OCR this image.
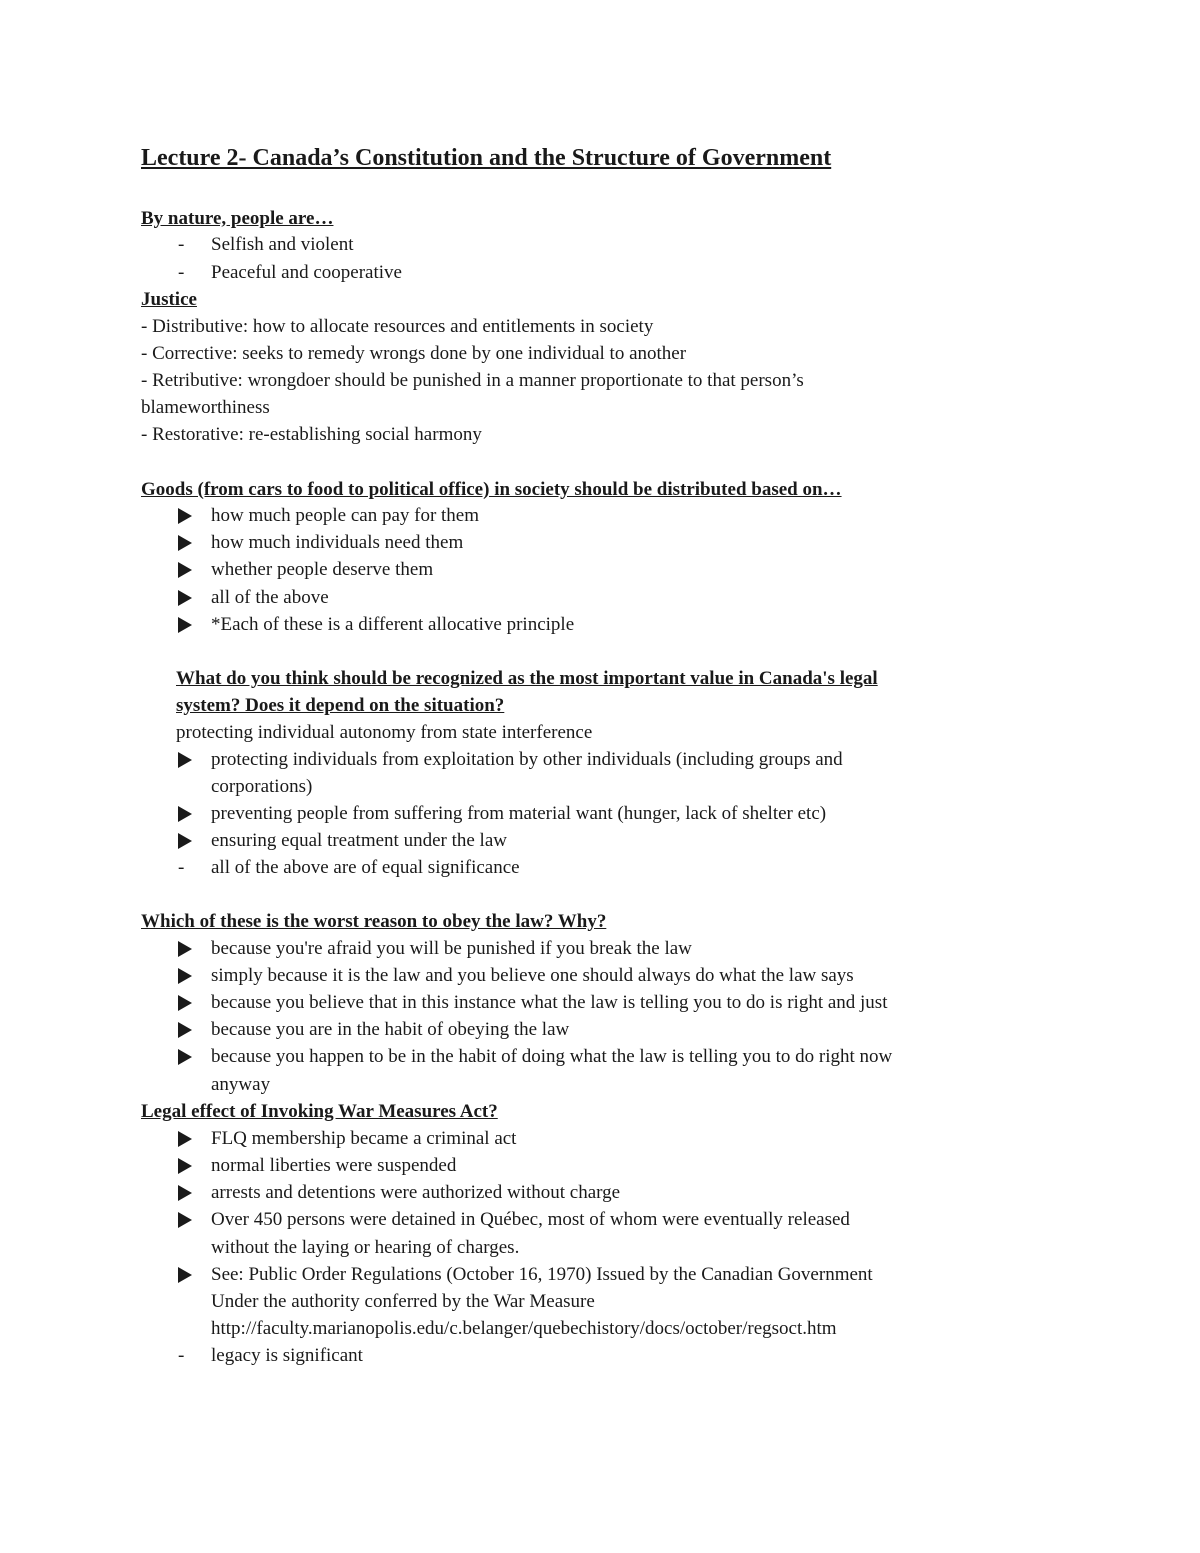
Lecture 2- Canada’s Constitution and the Structure of Government
By nature, people are…
- Selfish and violent
- Peaceful and cooperative
Justice
- Distributive: how to allocate resources and entitlements in society
- Corrective: seeks to remedy wrongs done by one individual to another
- Retributive: wrongdoer should be punished in a manner proportionate to that person’s
blameworthiness
- Restorative: re-establishing social harmony
Goods (from cars to food to political office) in society should be distributed based on…
how much people can pay for them
how much individuals need them
whether people deserve them
all of the above
*Each of these is a different allocative principle
What do you think should be recognized as the most important value in Canada's legal
system? Does it depend on the situation?
protecting individual autonomy from state interference
protecting individuals from exploitation by other individuals (including groups and
corporations)
preventing people from suffering from material want (hunger, lack of shelter etc)
ensuring equal treatment under the law
- all of the above are of equal significance
Which of these is the worst reason to obey the law? Why?
because you're afraid you will be punished if you break the law
simply because it is the law and you believe one should always do what the law says
because you believe that in this instance what the law is telling you to do is right and just
because you are in the habit of obeying the law
because you happen to be in the habit of doing what the law is telling you to do right now
anyway
Legal effect of Invoking War Measures Act?
FLQ membership became a criminal act
normal liberties were suspended
arrests and detentions were authorized without charge
Over 450 persons were detained in Québec, most of whom were eventually released
without the laying or hearing of charges.
See: Public Order Regulations (October 16, 1970) Issued by the Canadian Government
Under the authority conferred by the War Measure
http://faculty.marianopolis.edu/c.belanger/quebechistory/docs/october/regsoct.htm
- legacy is significant
